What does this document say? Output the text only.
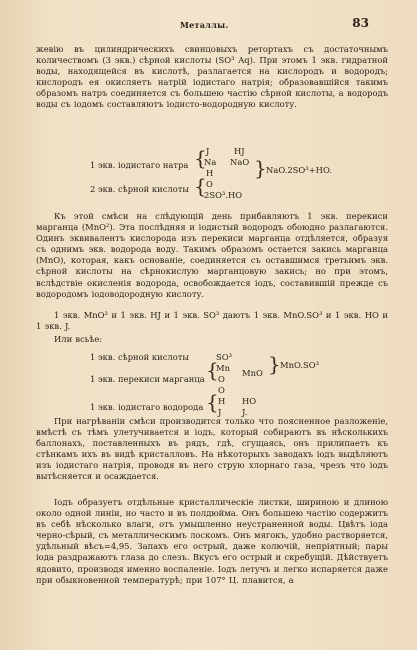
Металлы.	83
жевію въ цилиндрическихъ свинцовыхъ ретортахъ съ достаточнымъ количествомъ (3 экв.) сѣрной кислоты (SO³ Aq). При этомъ 1 экв. гидратной воды, находящейся въ кислотѣ, разлагается на кислородъ и водородъ; кислородъ ея окисляетъ натрій іодистаго натрія; образовавшійся такимъ образомъ натръ соединяется съ большею частію сѣрной кислоты, а водородъ воды съ іодомъ составляютъ іодисто-водородную кислоту.
1 экв. іодистаго натра
2 экв. сѣрной кислоты
{
{
J
Na
H
O
2SO³.HO
HJ
NaO } NaO.2SO³+HO.
Къ этой смѣси на слѣдующій день прибавляютъ 1 экв. перекиси марганца (MnO²). Эта послѣдняя и іодистый водородъ обоюдно разлагаются. Одинъ эквивалентъ кислорода изъ перекиси марганца отдѣляется, образуя съ однимъ экв. водорода воду. Такимъ образомъ остается закись марганца (MnO), которая, какъ основаніе, соединяется съ оставшимся третьимъ экв. сѣрной кислоты на сѣрнокислую марганцовую закись; но при этомъ, вслѣдствіе окисленія водорода, освобождается іодъ, составившій прежде съ водородомъ іодоводородную кислоту.
1 экв. MnO² и 1 экв. HJ и 1 экв. SO³ даютъ 1 экв. MnO.SO³ и 1 экв. HO и 1 экв. J.
Или всьѣе:
1 экв. сѣрной кислоты
1 экв. перекиси марганца
1 экв. іодистаго водорода
SO³
{
Mn
O
O
{ H
J
MnO
HO
J.
} MnO.SO³
При нагрѣваніи смѣси производится только что поясненное разложеніе, вмѣстѣ съ тѣмъ улетучивается и іодъ, который собираютъ въ нѣсколькихъ баллонахъ, поставленныхъ въ рядъ, гдѣ, сгущаясь, онъ прилипаетъ къ стѣнкамъ ихъ въ видѣ кристалловъ. На нѣкоторыхъ заводахъ іодъ выдѣляютъ изъ іодистаго натрія, проводя въ него струю хлорнаго газа, чрезъ что іодъ вытѣсняется и осаждается.
Іодъ образуетъ отдѣльные кристаллическіе листки, шириною и длиною около одной линіи, но часто и въ полдюйма. Онъ большею частію содержитъ въ себѣ нѣсколько влаги, отъ умышленно неустраненной воды. Цвѣтъ іода черно-сѣрый, съ металлическимъ лоскомъ. Онъ мягокъ, удобно растворяется, удѣльный вѣсъ=4,95. Запахъ его острый, даже колючій, непріятный; пары іода раздражаютъ глаза до слезъ. Вкусъ его острый и скребущій. Дѣйствуетъ ядовито, производя именно воспаленіе. Іодъ летучъ и легко испаряется даже при обыкновенной температурѣ; при 107° Ц. плавится, а
